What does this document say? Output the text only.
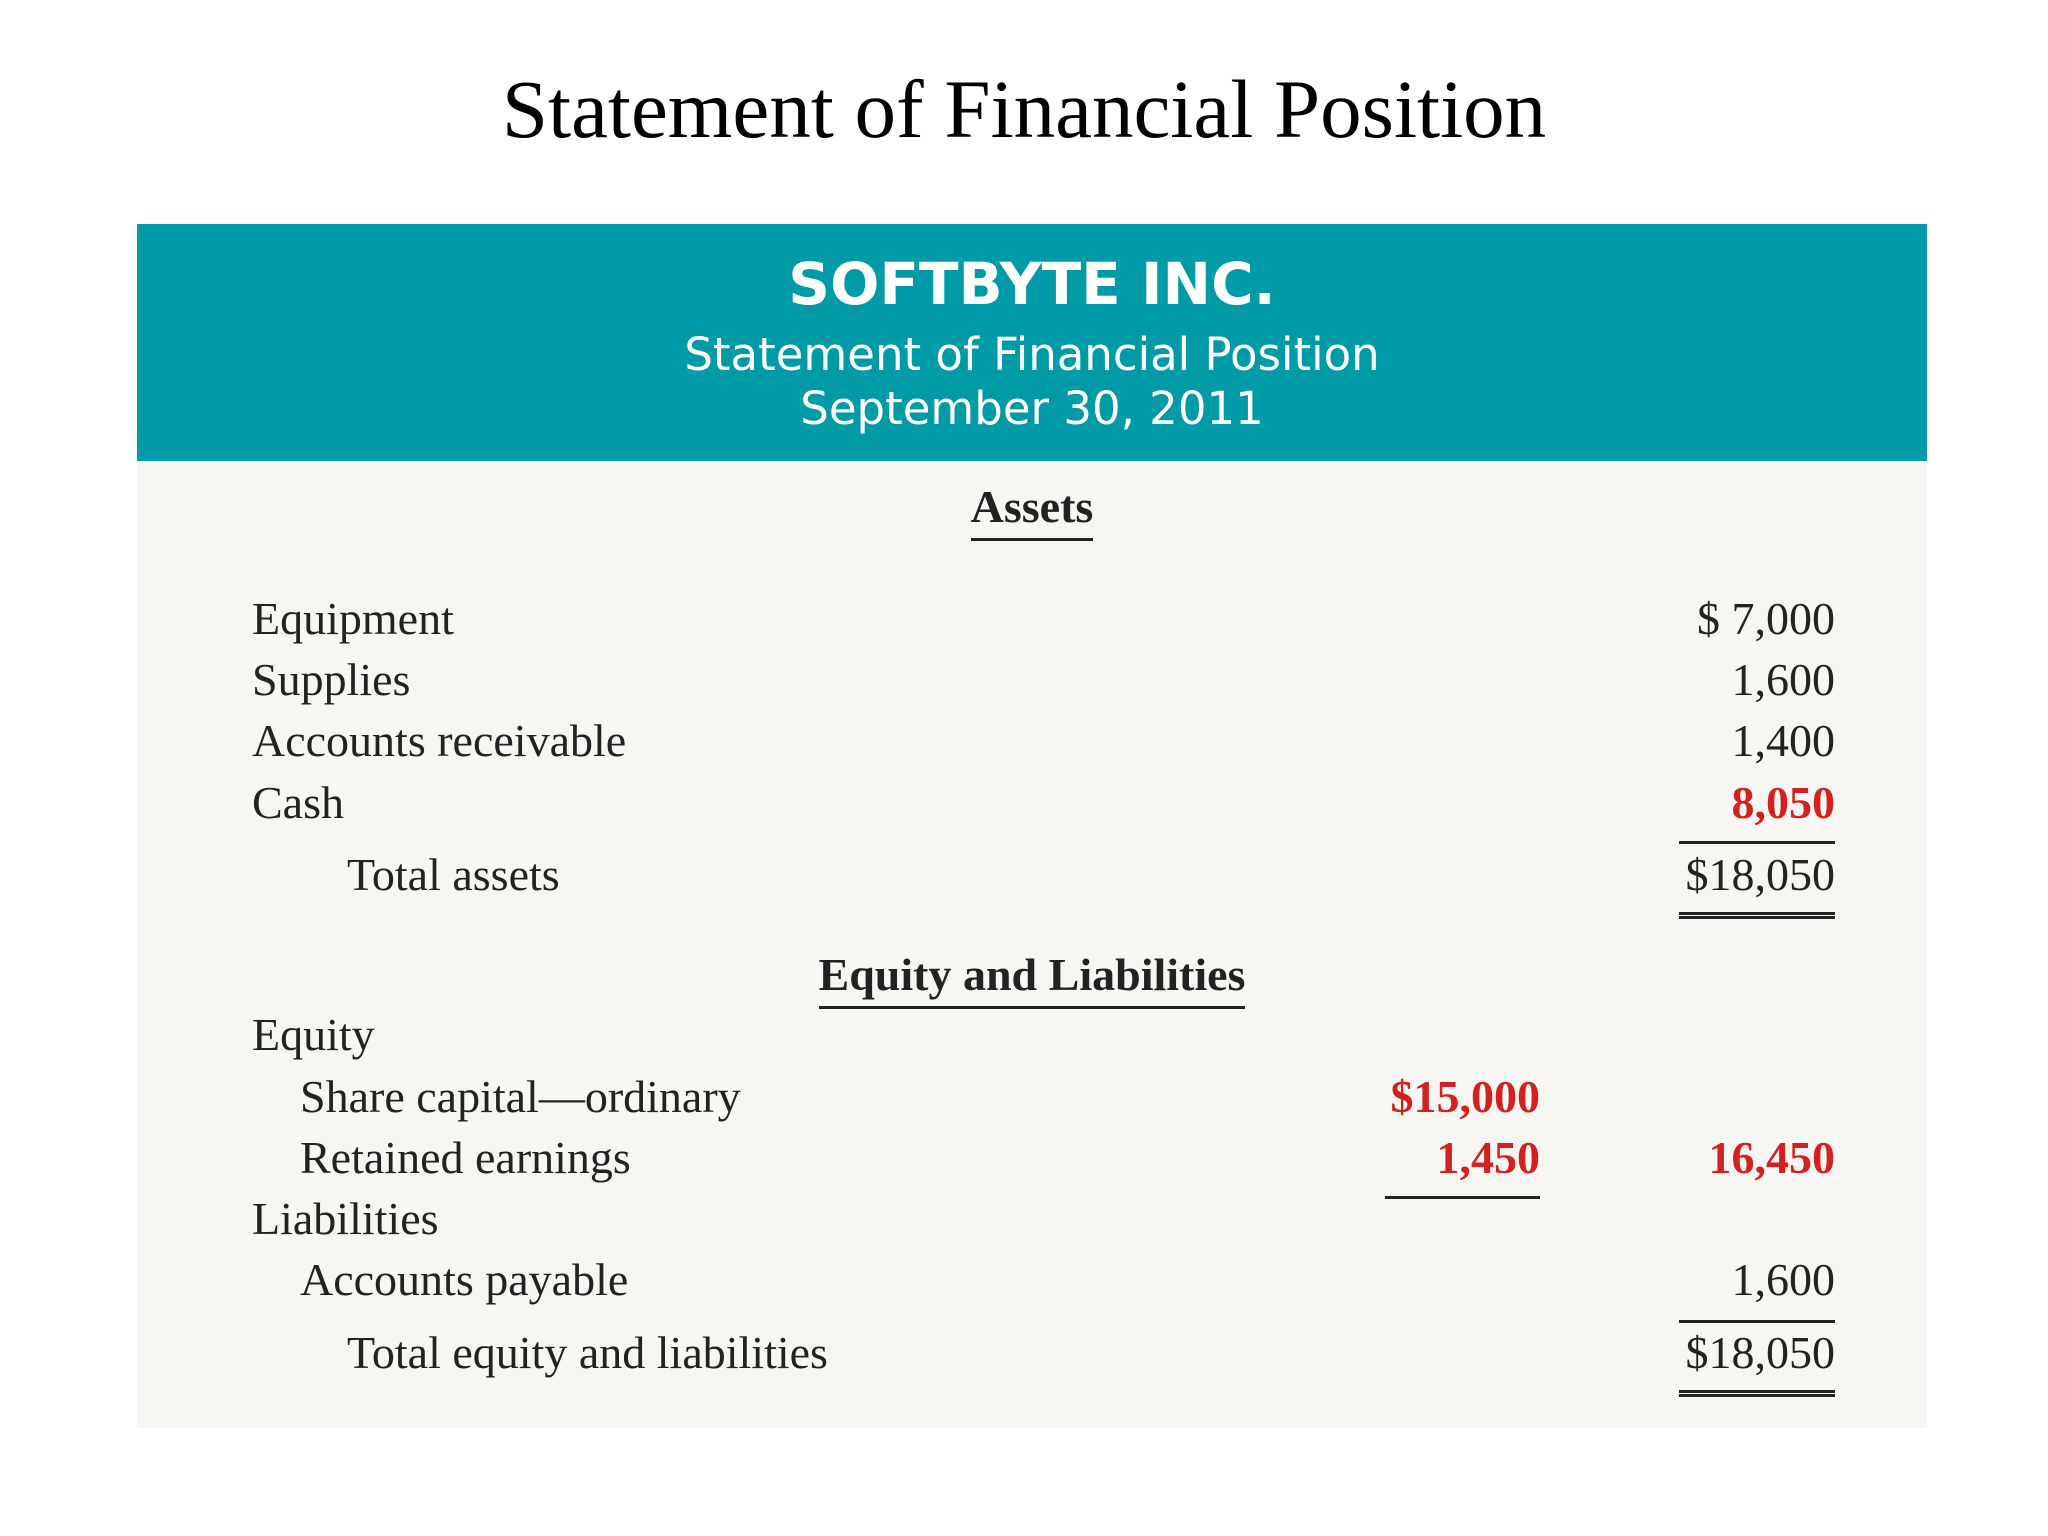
Statement of Financial Position
SOFTBYTE INC.
Statement of Financial Position
September 30, 2011
Assets
Equipment	$ 7,000
Supplies	1,600
Accounts receivable	1,400
Cash	8,050
Total assets	$18,050
Equity and Liabilities
Equity
Share capital—ordinary	$15,000
Retained earnings	1,450	16,450
Liabilities
Accounts payable	1,600
Total equity and liabilities	$18,050
